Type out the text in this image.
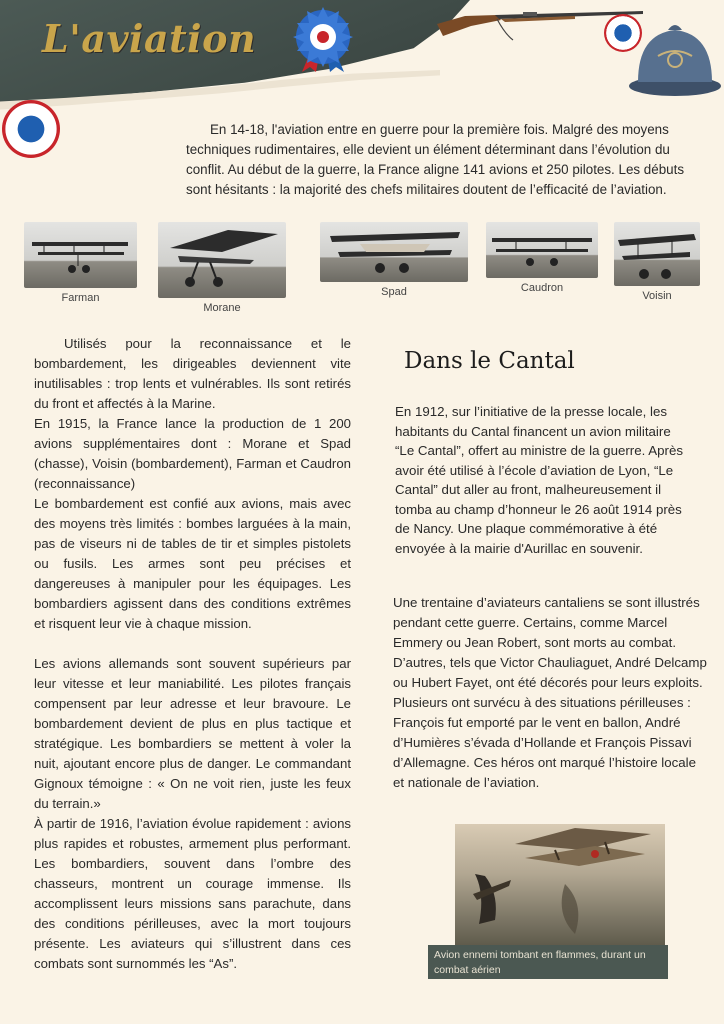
L'aviation
En 14-18, l'aviation entre en guerre pour la première fois. Malgré des moyens techniques rudimentaires, elle devient un élément déterminant dans l’évolution du conflit. Au début de la guerre, la France aligne 141 avions et 250 pilotes. Les débuts sont hésitants : la majorité des chefs militaires doutent de l’efficacité de l’aviation.
Farman
Morane
Spad	Caudron
Voisin

Utilisés pour la reconnaissance et le bombardement, les dirigeables deviennent vite inutilisables : trop lents et vulnérables. Ils sont retirés du front et affectés à la Marine.

En 1915, la France lance la production de 1 200 avions supplémentaires dont : Morane et Spad (chasse), Voisin (bombardement), Farman et Caudron (reconnaissance)

Le bombardement est confié aux avions, mais avec des moyens très limités : bombes larguées à la main, pas de viseurs ni de tables de tir et simples pistolets ou fusils. Les armes sont peu précises et dangereuses à manipuler pour les équipages. Les bombardiers agissent dans des conditions extrêmes et risquent leur vie à chaque mission.

Les avions allemands sont souvent supérieurs par leur vitesse et leur maniabilité. Les pilotes français compensent par leur adresse et leur bravoure. Le bombardement devient de plus en plus tactique et stratégique. Les bombardiers se mettent à voler la nuit, ajoutant encore plus de danger. Le commandant Gignoux témoigne : « On ne voit rien, juste les feux du terrain.»

À partir de 1916, l’aviation évolue rapidement : avions plus rapides et robustes, armement plus performant. Les bombardiers, souvent dans l’ombre des chasseurs, montrent un courage immense. Ils accomplissent leurs missions sans parachute, dans des conditions périlleuses, avec la mort toujours présente. Les aviateurs qui s’illustrent dans ces combats sont surnommés les “As”.

Dans le Cantal
En 1912, sur l’initiative de la presse locale, les habitants du Cantal financent un avion militaire “Le Cantal”, offert au ministre de la guerre. Après avoir été utilisé à l’école d’aviation de Lyon, “Le Cantal” dut aller au front, malheureusement il tomba au champ d’honneur le 26 août 1914 près de Nancy. Une plaque commémorative à été envoyée à la mairie d'Aurillac en souvenir.
Une trentaine d’aviateurs cantaliens se sont illustrés pendant cette guerre. Certains, comme Marcel Emmery ou Jean Robert, sont morts au combat. D’autres, tels que Victor Chauliaguet, André Delcamp ou Hubert Fayet, ont été décorés pour leurs exploits. Plusieurs ont survécu à des situations périlleuses : François fut emporté par le vent en ballon, André d’Humières s’évada d’Hollande et François Pissavi d’Allemagne. Ces héros ont marqué l’histoire locale et nationale de l’aviation.
Avion ennemi tombant en flammes, durant un combat aérien
